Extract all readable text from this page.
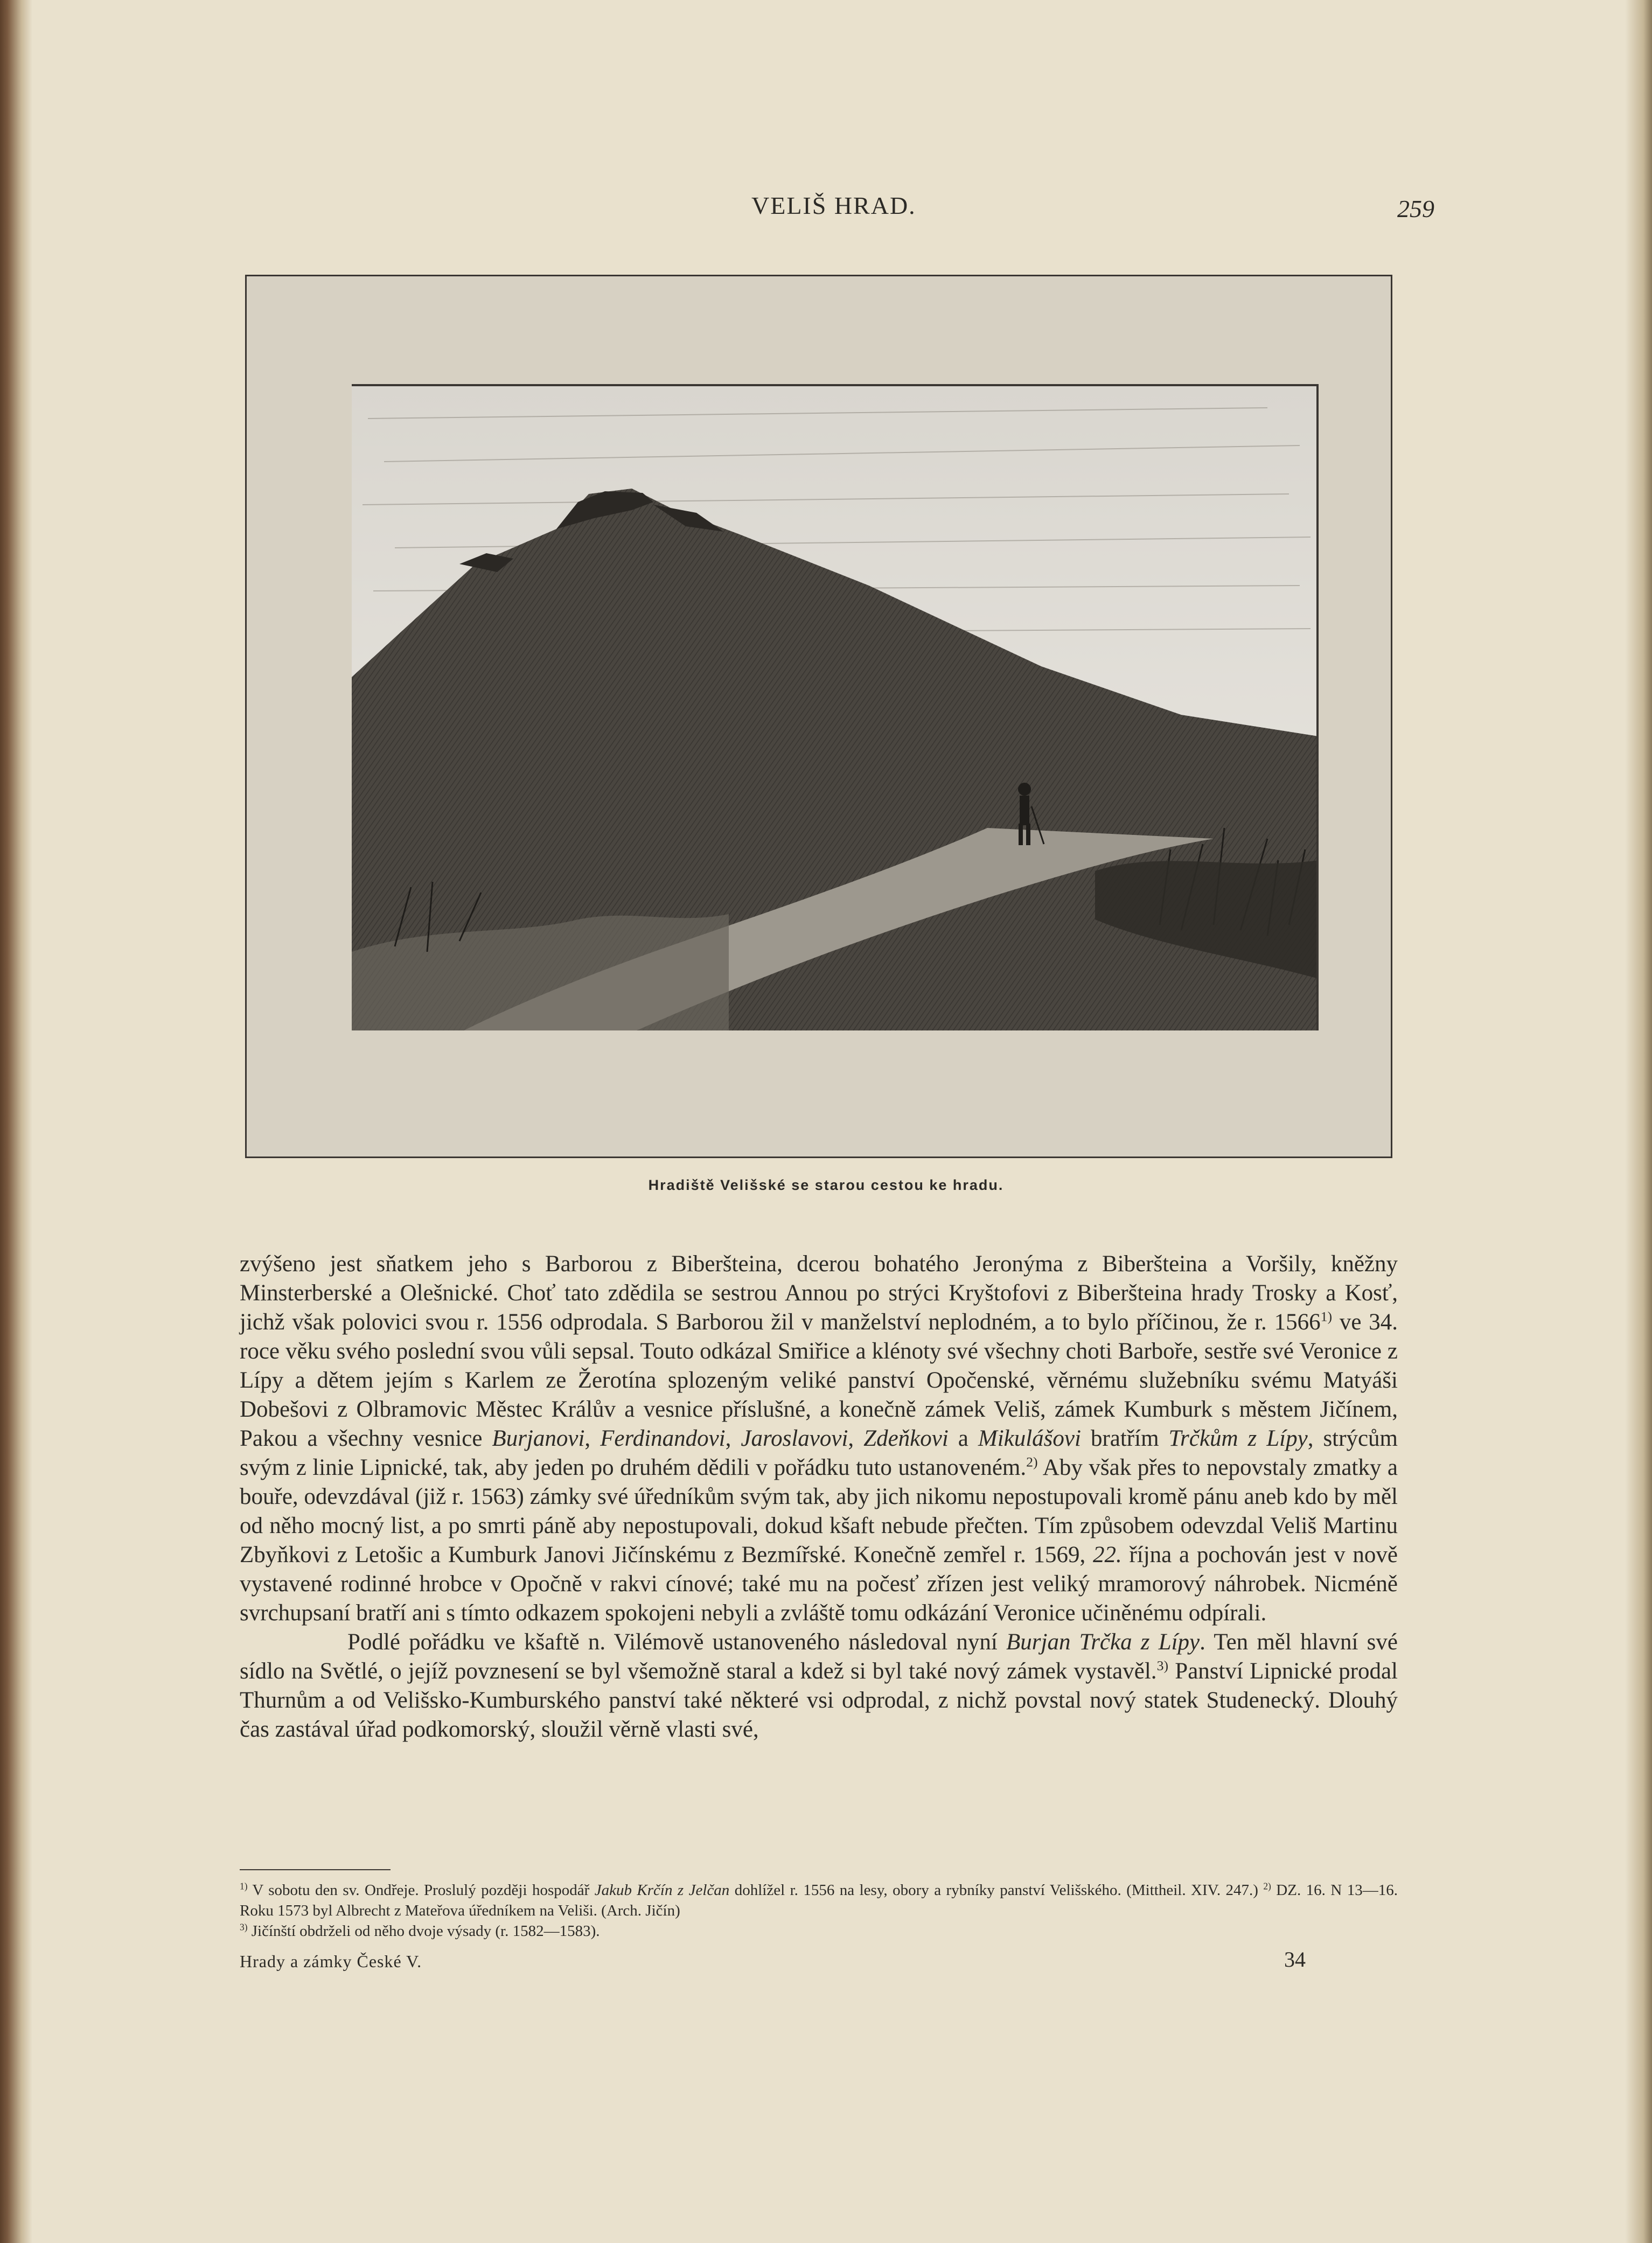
VELIŠ HRAD.	259
Hradiště Velišské se starou cestou ke hradu.

zvýšeno jest sňatkem jeho s Barborou z Biberšteina, dcerou bohatého Jeronýma z Biberšteina a Voršily, kněžny Minsterberské a Olešnické. Choť tato zdědila se sestrou Annou po strýci Kryštofovi z Biberšteina hrady Trosky a Kosť, jichž však polovici svou r. 1556 odprodala. S Barborou žil v manželství neplodném, a to bylo příčinou, že r. 1566$^{1)}$ ve 34. roce věku svého poslední svou vůli sepsal. Touto odkázal Smiřice a klénoty své všechny choti Barboře, sestře své Veronice z Lípy a dětem jejím s Karlem ze Žerotína splozeným veliké panství Opočenské, věrnému služebníku svému Matyáši Dobešovi z Olbramovic Městec Králův a vesnice příslušné, a konečně zámek Veliš, zámek Kumburk s městem Jičínem, Pakou a všechny vesnice Burjanovi, Ferdinandovi, Jaroslavovi, Zdeňkovi a Mikulášovi bratřím Trčkům z Lípy, strýcům svým z linie Lipnické, tak, aby jeden po druhém dědili v pořádku tuto ustanoveném.$^{2)}$ Aby však přes to nepovstaly zmatky a bouře, odevzdával (již r. 1563) zámky své úředníkům svým tak, aby jich nikomu nepostupovali kromě pánu aneb kdo by měl od něho mocný list, a po smrti páně aby nepostupovali, dokud kšaft nebude přečten. Tím způsobem odevzdal Veliš Martinu Zbyňkovi z Letošic a Kumburk Janovi Jičínskému z Bezmířské. Konečně zemřel r. 1569, 22. října a pochován jest v nově vystavené rodinné hrobce v Opočně v rakvi cínové; také mu na počesť zřízen jest veliký mramorový náhrobek. Nicméně svrchupsaní bratří ani s tímto odkazem spokojeni nebyli a zvláště tomu odkázání Veronice učiněnému odpírali.

Podlé pořádku ve kšaftě n. Vilémově ustanoveného následoval nyní Burjan Trčka z Lípy. Ten měl hlavní své sídlo na Světlé, o jejíž povznesení se byl všemožně staral a kdež si byl také nový zámek vystavěl.$^{3)}$ Panství Lipnické prodal Thurnům a od Velišsko-Kumburského panství také některé vsi odprodal, z nichž povstal nový statek Studenecký. Dlouhý čas zastával úřad podkomorský, sloužil věrně vlasti své,

$^{1)}$ V sobotu den sv. Ondřeje. Proslulý později hospodář Jakub Krčín z Jelčan dohlížel r. 1556 na lesy, obory a rybníky panství Velišského. (Mittheil. XIV. 247.) $^{2)}$ DZ. 16. N 13—16. Roku 1573 byl Albrecht z Mateřova úředníkem na Veliši. (Arch. Jičín)

$^{3)}$ Jičínští obdrželi od něho dvoje výsady (r. 1582—1583).

Hrady a zámky České V.	34
